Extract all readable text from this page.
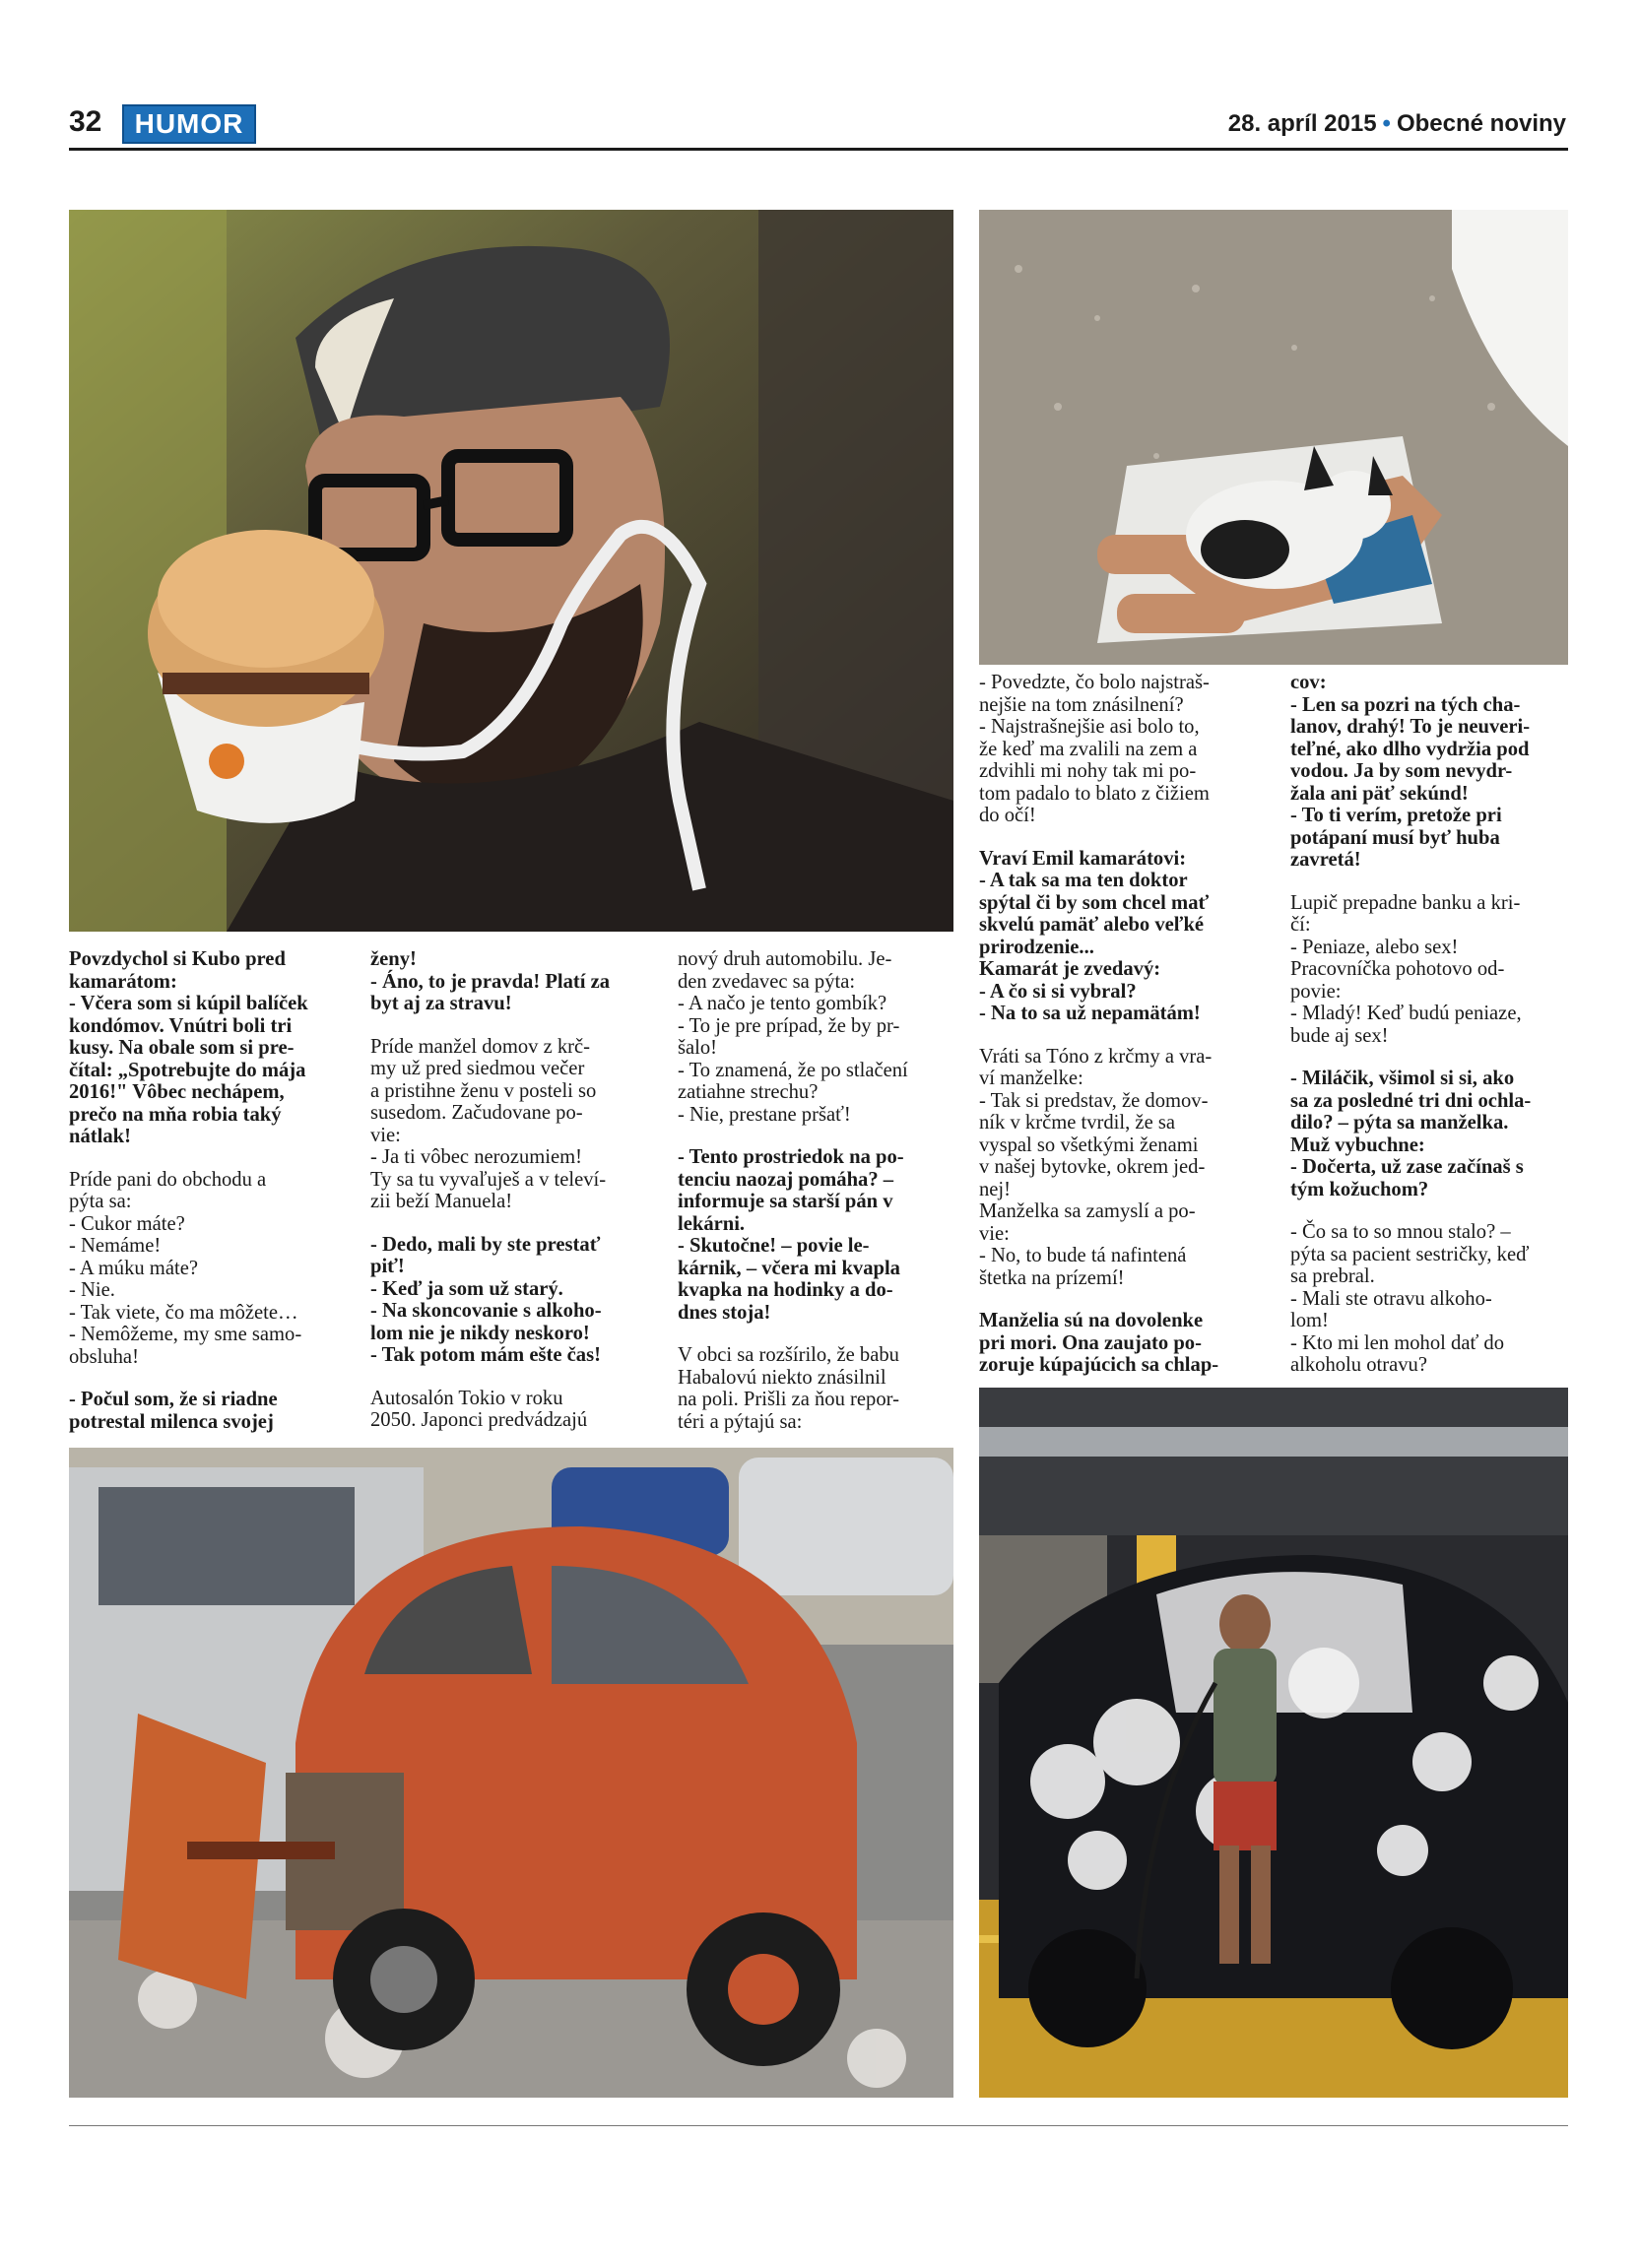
32	HUMOR	28. apríl 2015 • Obecné noviny

Povzdychol si Kubo pred
kamarátom:
- Včera som si kúpil balíček
kondómov. Vnútri boli tri
kusy. Na obale som si pre-
čítal: „Spotrebujte do mája
2016!" Vôbec nechápem,
prečo na mňa robia taký
nátlak!

Príde pani do obchodu a
pýta sa:
- Cukor máte?
- Nemáme!
- A múku máte?
- Nie.
- Tak viete, čo ma môžete…
- Nemôžeme, my sme samo-
obsluha!

- Počul som, že si riadne
potrestal milenca svojej

ženy!
- Áno, to je pravda! Platí za
byt aj za stravu!

Príde manžel domov z krč-
my už pred siedmou večer
a pristihne ženu v posteli so
susedom. Začudovane po-
vie:
- Ja ti vôbec nerozumiem!
Ty sa tu vyvaľuješ a v televí-
zii beží Manuela!

- Dedo, mali by ste prestať
piť!
- Keď ja som už starý.
- Na skoncovanie s alkoho-
lom nie je nikdy neskoro!
- Tak potom mám ešte čas!

Autosalón Tokio v roku
2050. Japonci predvádzajú

nový druh automobilu. Je-
den zvedavec sa pýta:
- A načo je tento gombík?
- To je pre prípad, že by pr-
šalo!
- To znamená, že po stlačení
zatiahne strechu?
- Nie, prestane pršať!

- Tento prostriedok na po-
tenciu naozaj pomáha? –
informuje sa starší pán v
lekárni.
- Skutočne! – povie le-
kárnik, – včera mi kvapla
kvapka na hodinky a do-
dnes stoja!

V obci sa rozšírilo, že babu
Habalovú niekto znásilnil
na poli. Prišli za ňou repor-
téri a pýtajú sa:

- Povedzte, čo bolo najstraš-
nejšie na tom znásilnení?
- Najstrašnejšie asi bolo to,
že keď ma zvalili na zem a
zdvihli mi nohy tak mi po-
tom padalo to blato z čižiem
do očí!

Vraví Emil kamarátovi:
- A tak sa ma ten doktor
spýtal či by som chcel mať
skvelú pamäť alebo veľké
prirodzenie...
Kamarát je zvedavý:
- A čo si si vybral?
- Na to sa už nepamätám!

Vráti sa Tóno z krčmy a vra-
ví manželke:
- Tak si predstav, že domov-
ník v krčme tvrdil, že sa
vyspal so všetkými ženami
v našej bytovke, okrem jed-
nej!
Manželka sa zamyslí a po-
vie:
- No, to bude tá nafintená
štetka na prízemí!

Manželia sú na dovolenke
pri mori. Ona zaujato po-
zoruje kúpajúcich sa chlap-

cov:
- Len sa pozri na tých cha-
lanov, drahý! To je neuveri-
teľné, ako dlho vydržia pod
vodou. Ja by som nevydr-
žala ani päť sekúnd!
- To ti verím, pretože pri
potápaní musí byť huba
zavretá!

Lupič prepadne banku a kri-
čí:
- Peniaze, alebo sex!
Pracovníčka pohotovo od-
povie:
- Mladý! Keď budú peniaze,
bude aj sex!

- Miláčik, všimol si si, ako
sa za posledné tri dni ochla-
dilo? – pýta sa manželka.
Muž vybuchne:
- Dočerta, už zase začínaš s
tým kožuchom?

- Čo sa to so mnou stalo? –
pýta sa pacient sestričky, keď
sa prebral.
- Mali ste otravu alkoho-
lom!
- Kto mi len mohol dať do
alkoholu otravu?
